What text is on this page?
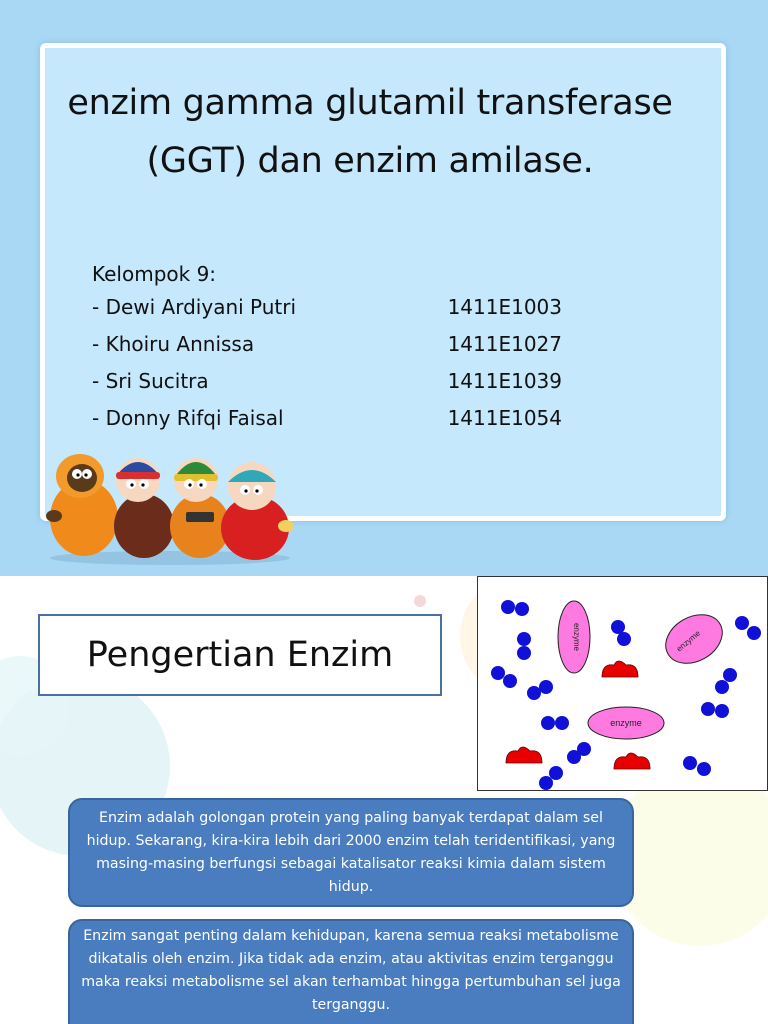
enzim gamma glutamil transferase
(GGT) dan enzim amilase.
Kelompok 9:
- Dewi Ardiyani Putri	1411E1003
- Khoiru Annissa	1411E1027
- Sri Sucitra	1411E1039
- Donny Rifqi Faisal	1411E1054
Pengertian Enzim	enzyme	enzyme
enzyme
Enzim adalah golongan protein yang paling banyak terdapat dalam sel hidup. Sekarang, kira-kira lebih dari 2000 enzim telah teridentifikasi, yang masing-masing berfungsi sebagai katalisator reaksi kimia dalam sistem hidup.
Enzim sangat penting dalam kehidupan, karena semua reaksi metabolisme dikatalis oleh enzim. Jika tidak ada enzim, atau aktivitas enzim terganggu maka reaksi metabolisme sel akan terhambat hingga pertumbuhan sel juga terganggu.
